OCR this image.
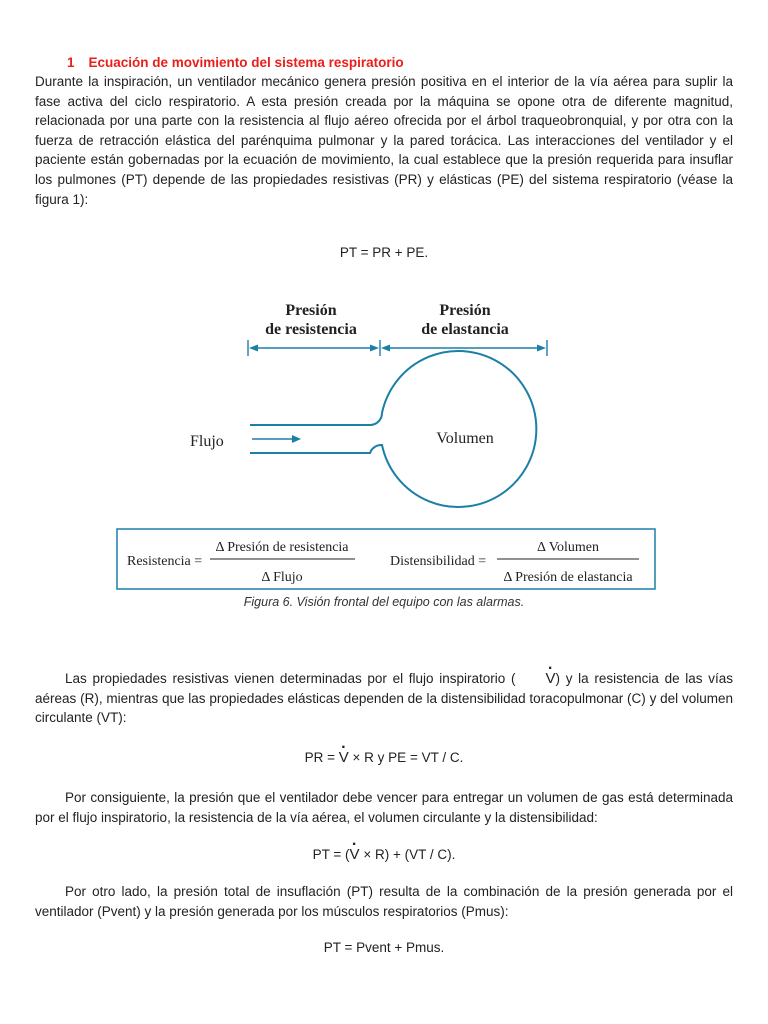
1 Ecuación de movimiento del sistema respiratorio

Durante la inspiración, un ventilador mecánico genera presión positiva en el interior de la vía aérea para suplir la fase activa del ciclo respiratorio. A esta presión creada por la máquina se opone otra de diferente magnitud, relacionada por una parte con la resistencia al flujo aéreo ofrecida por el árbol traqueobronquial, y por otra con la fuerza de retracción elástica del parénquima pulmonar y la pared torácica. Las interacciones del ventilador y el paciente están gobernadas por la ecuación de movimiento, la cual establece que la presión requerida para insuflar los pulmones (PT) depende de las propiedades resistivas (PR) y elásticas (PE) del sistema respiratorio (véase la figura 1):

PT = PR + PE.

Presión
de resistencia
Presión
de elastancia
Flujo	Volumen
Resistencia =
Δ Presión de resistencia
Δ Flujo
Distensibilidad =
Δ Volumen
Δ Presión de elastancia

Figura 6. Visión frontal del equipo con las alarmas.

Las propiedades resistivas vienen determinadas por el flujo inspiratorio (· V) y la resistencia de las vías aéreas (R), mientras que las propiedades elásticas dependen de la distensibilidad toracopulmonar (C) y del volumen circulante (VT):

PR = · V × R y PE = VT / C.

Por consiguiente, la presión que el ventilador debe vencer para entregar un volumen de gas está determinada por el flujo inspiratorio, la resistencia de la vía aérea, el volumen circulante y la distensibilidad:

PT = (· V × R) + (VT / C).

Por otro lado, la presión total de insuflación (PT) resulta de la combinación de la presión generada por el ventilador (Pvent) y la presión generada por los músculos respiratorios (Pmus):

PT = Pvent + Pmus.
